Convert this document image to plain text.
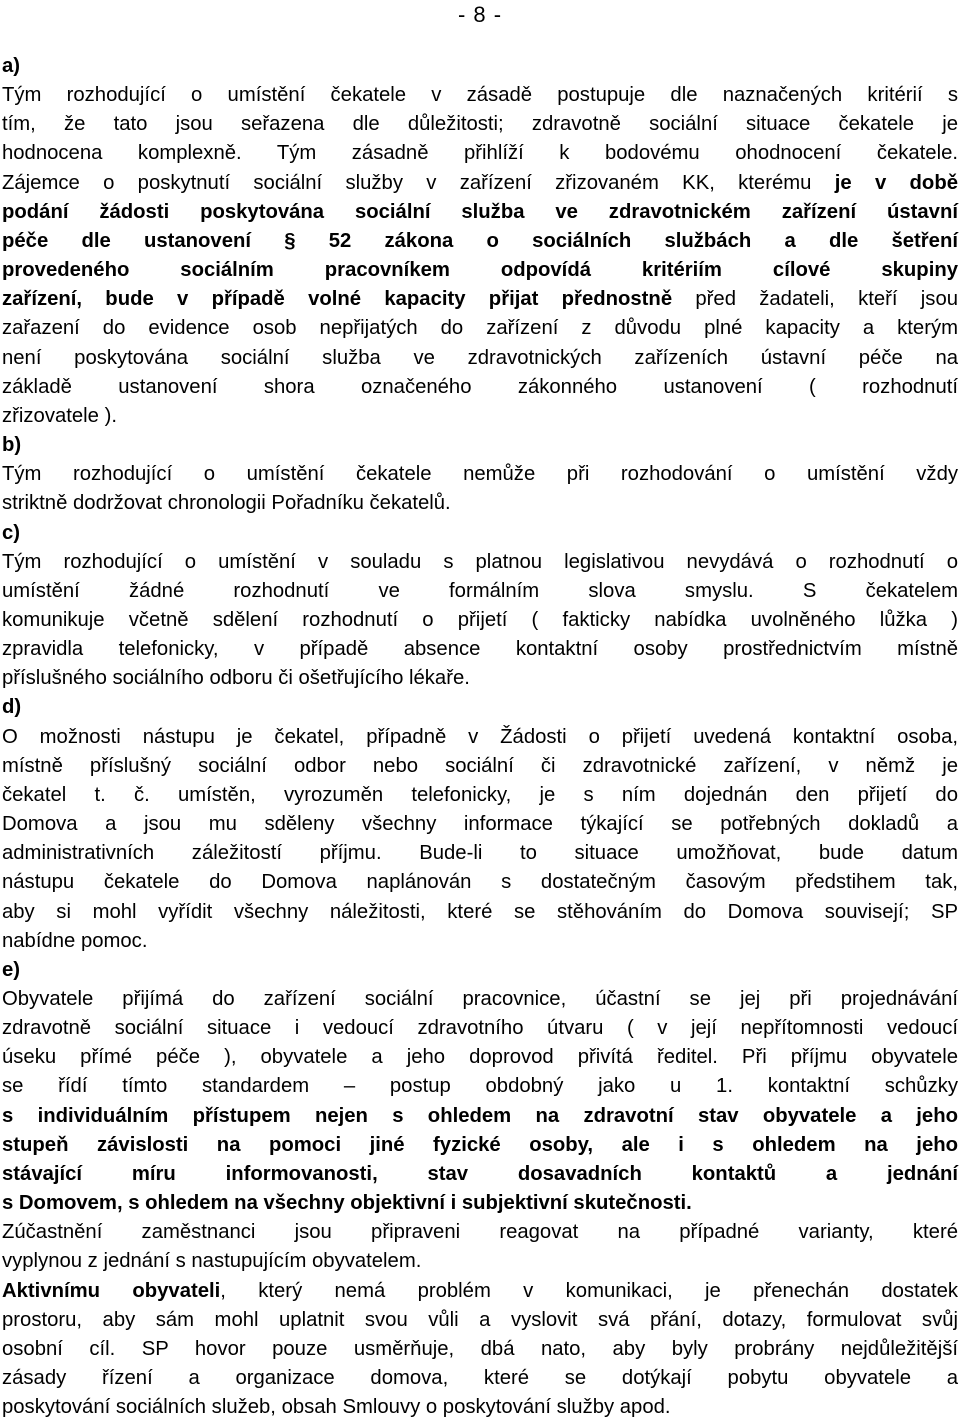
- 8 -
a)
Tým rozhodující o umístění čekatele v zásadě postupuje dle naznačených kritérií s
tím, že tato jsou seřazena dle důležitosti; zdravotně sociální situace čekatele je
hodnocena komplexně. Tým zásadně přihlíží k bodovému ohodnocení čekatele.
Zájemce o poskytnutí sociální služby v zařízení zřizovaném KK, kterému je v době
podání žádosti poskytována sociální služba ve zdravotnickém zařízení ústavní
péče dle ustanovení § 52 zákona o sociálních službách a dle šetření
provedeného sociálním pracovníkem odpovídá kritériím cílové skupiny
zařízení, bude v případě volné kapacity přijat přednostně před žadateli, kteří jsou
zařazení do evidence osob nepřijatých do zařízení z důvodu plné kapacity a kterým
není poskytována sociální služba ve zdravotnických zařízeních ústavní péče na
základě ustanovení shora označeného zákonného ustanovení ( rozhodnutí
zřizovatele ).
b)
Tým rozhodující o umístění čekatele nemůže při rozhodování o umístění vždy
striktně dodržovat chronologii Pořadníku čekatelů.
c)
Tým rozhodující o umístění v souladu s platnou legislativou nevydává o rozhodnutí o
umístění žádné rozhodnutí ve formálním slova smyslu. S čekatelem
komunikuje včetně sdělení rozhodnutí o přijetí ( fakticky nabídka uvolněného lůžka )
zpravidla telefonicky, v případě absence kontaktní osoby prostřednictvím místně
příslušného sociálního odboru či ošetřujícího lékaře.
d)
O možnosti nástupu je čekatel, případně v Žádosti o přijetí uvedená kontaktní osoba,
místně příslušný sociální odbor nebo sociální či zdravotnické zařízení, v němž je
čekatel t. č. umístěn, vyrozuměn telefonicky, je s ním dojednán den přijetí do
Domova a jsou mu sděleny všechny informace týkající se potřebných dokladů a
administrativních záležitostí příjmu. Bude-li to situace umožňovat, bude datum
nástupu čekatele do Domova naplánován s dostatečným časovým předstihem tak,
aby si mohl vyřídit všechny náležitosti, které se stěhováním do Domova souvisejí; SP
nabídne pomoc.
e)
Obyvatele přijímá do zařízení sociální pracovnice, účastní se jej při projednávání
zdravotně sociální situace i vedoucí zdravotního útvaru ( v její nepřítomnosti vedoucí
úseku přímé péče ), obyvatele a jeho doprovod přivítá ředitel. Při příjmu obyvatele
se řídí tímto standardem – postup obdobný jako u 1. kontaktní schůzky
s individuálním přístupem nejen s ohledem na zdravotní stav obyvatele a jeho
stupeň závislosti na pomoci jiné fyzické osoby, ale i s ohledem na jeho
stávající míru informovanosti, stav dosavadních kontaktů a jednání
s Domovem, s ohledem na všechny objektivní i subjektivní skutečnosti.
Zúčastnění zaměstnanci jsou připraveni reagovat na případné varianty, které
vyplynou z jednání s nastupujícím obyvatelem.
Aktivnímu obyvateli, který nemá problém v komunikaci, je přenechán dostatek
prostoru, aby sám mohl uplatnit svou vůli a vyslovit svá přání, dotazy, formulovat svůj
osobní cíl. SP hovor pouze usměrňuje, dbá nato, aby byly probrány nejdůležitější
zásady řízení a organizace domova, které se dotýkají pobytu obyvatele a
poskytování sociálních služeb, obsah Smlouvy o poskytování služby apod.
